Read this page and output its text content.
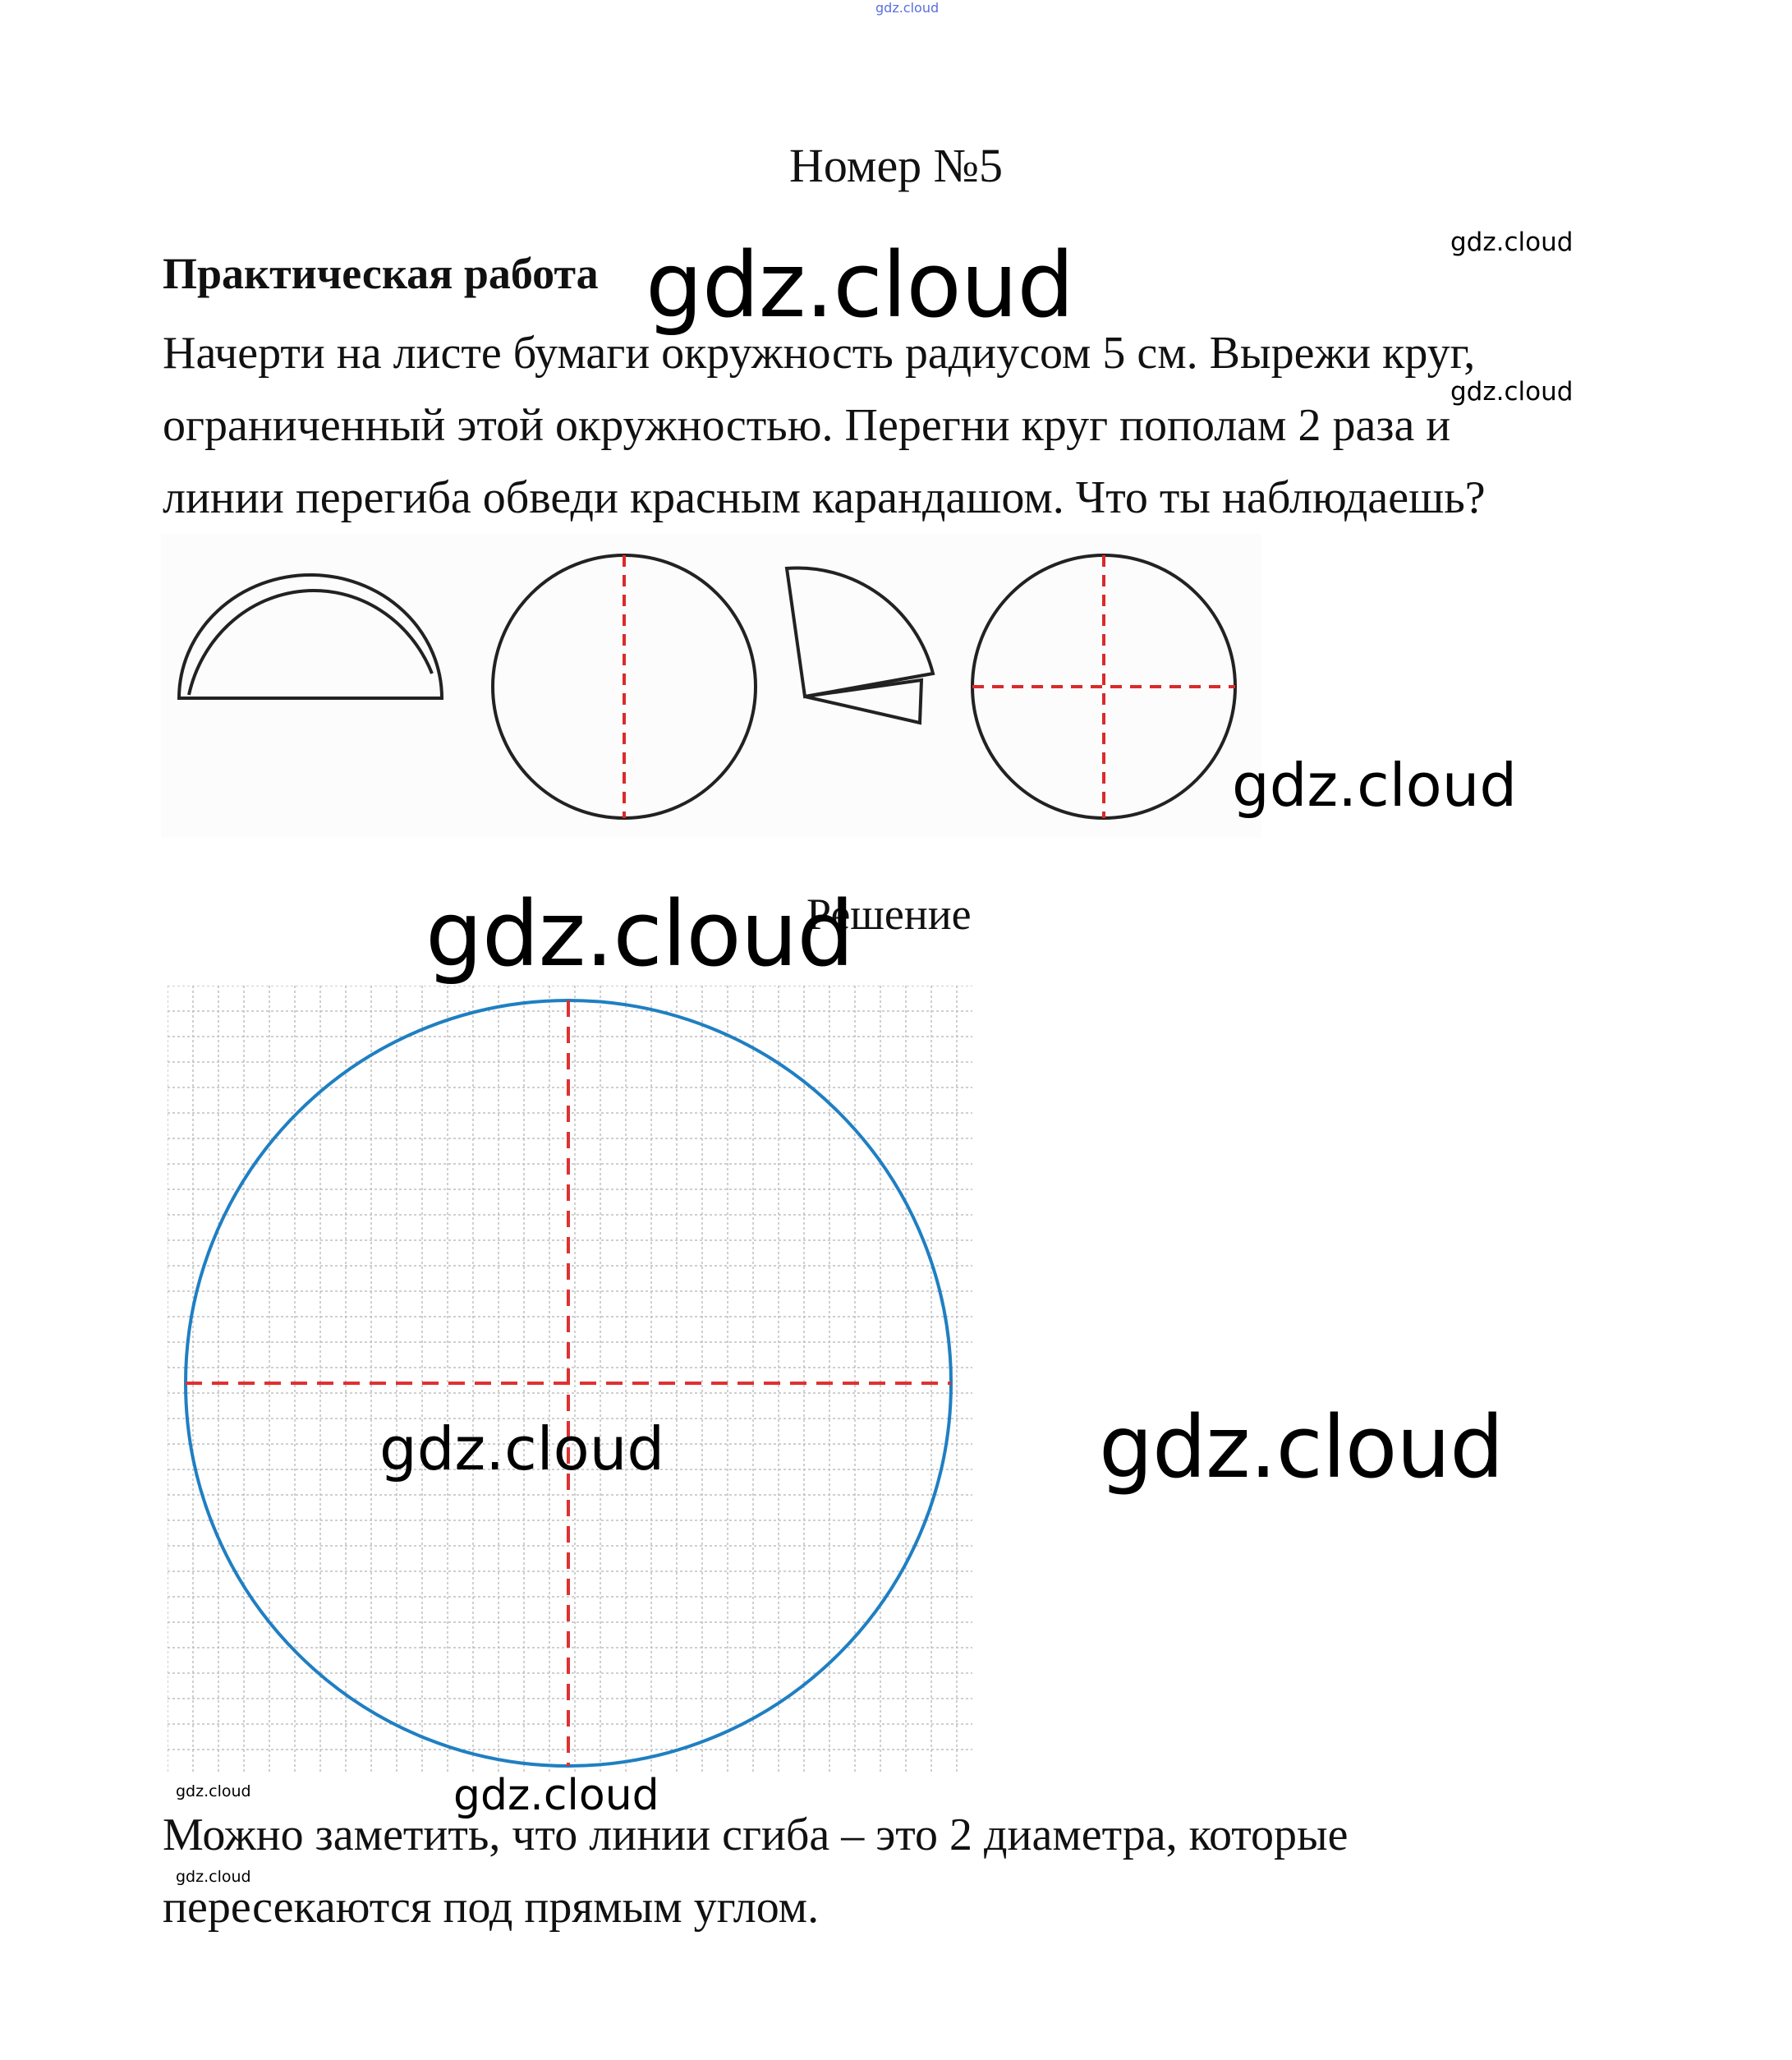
gdz.cloud
Номер №5
Практическая работа

Начерти на листе бумаги окружность радиусом 5 см. Вырежи круг,

ограниченный этой окружностью. Перегни круг пополам 2 раза и

линии перегиба обведи красным карандашом. Что ты наблюдаешь?

Решение

Можно заметить, что линии сгиба – это 2 диаметра, которые

пересекаются под прямым углом.

gdz.cloud
gdz.cloud
gdz.cloud
gdz.cloud
gdz.cloud
gdz.cloud	gdz.cloud
gdz.cloud	gdz.cloud
gdz.cloud
